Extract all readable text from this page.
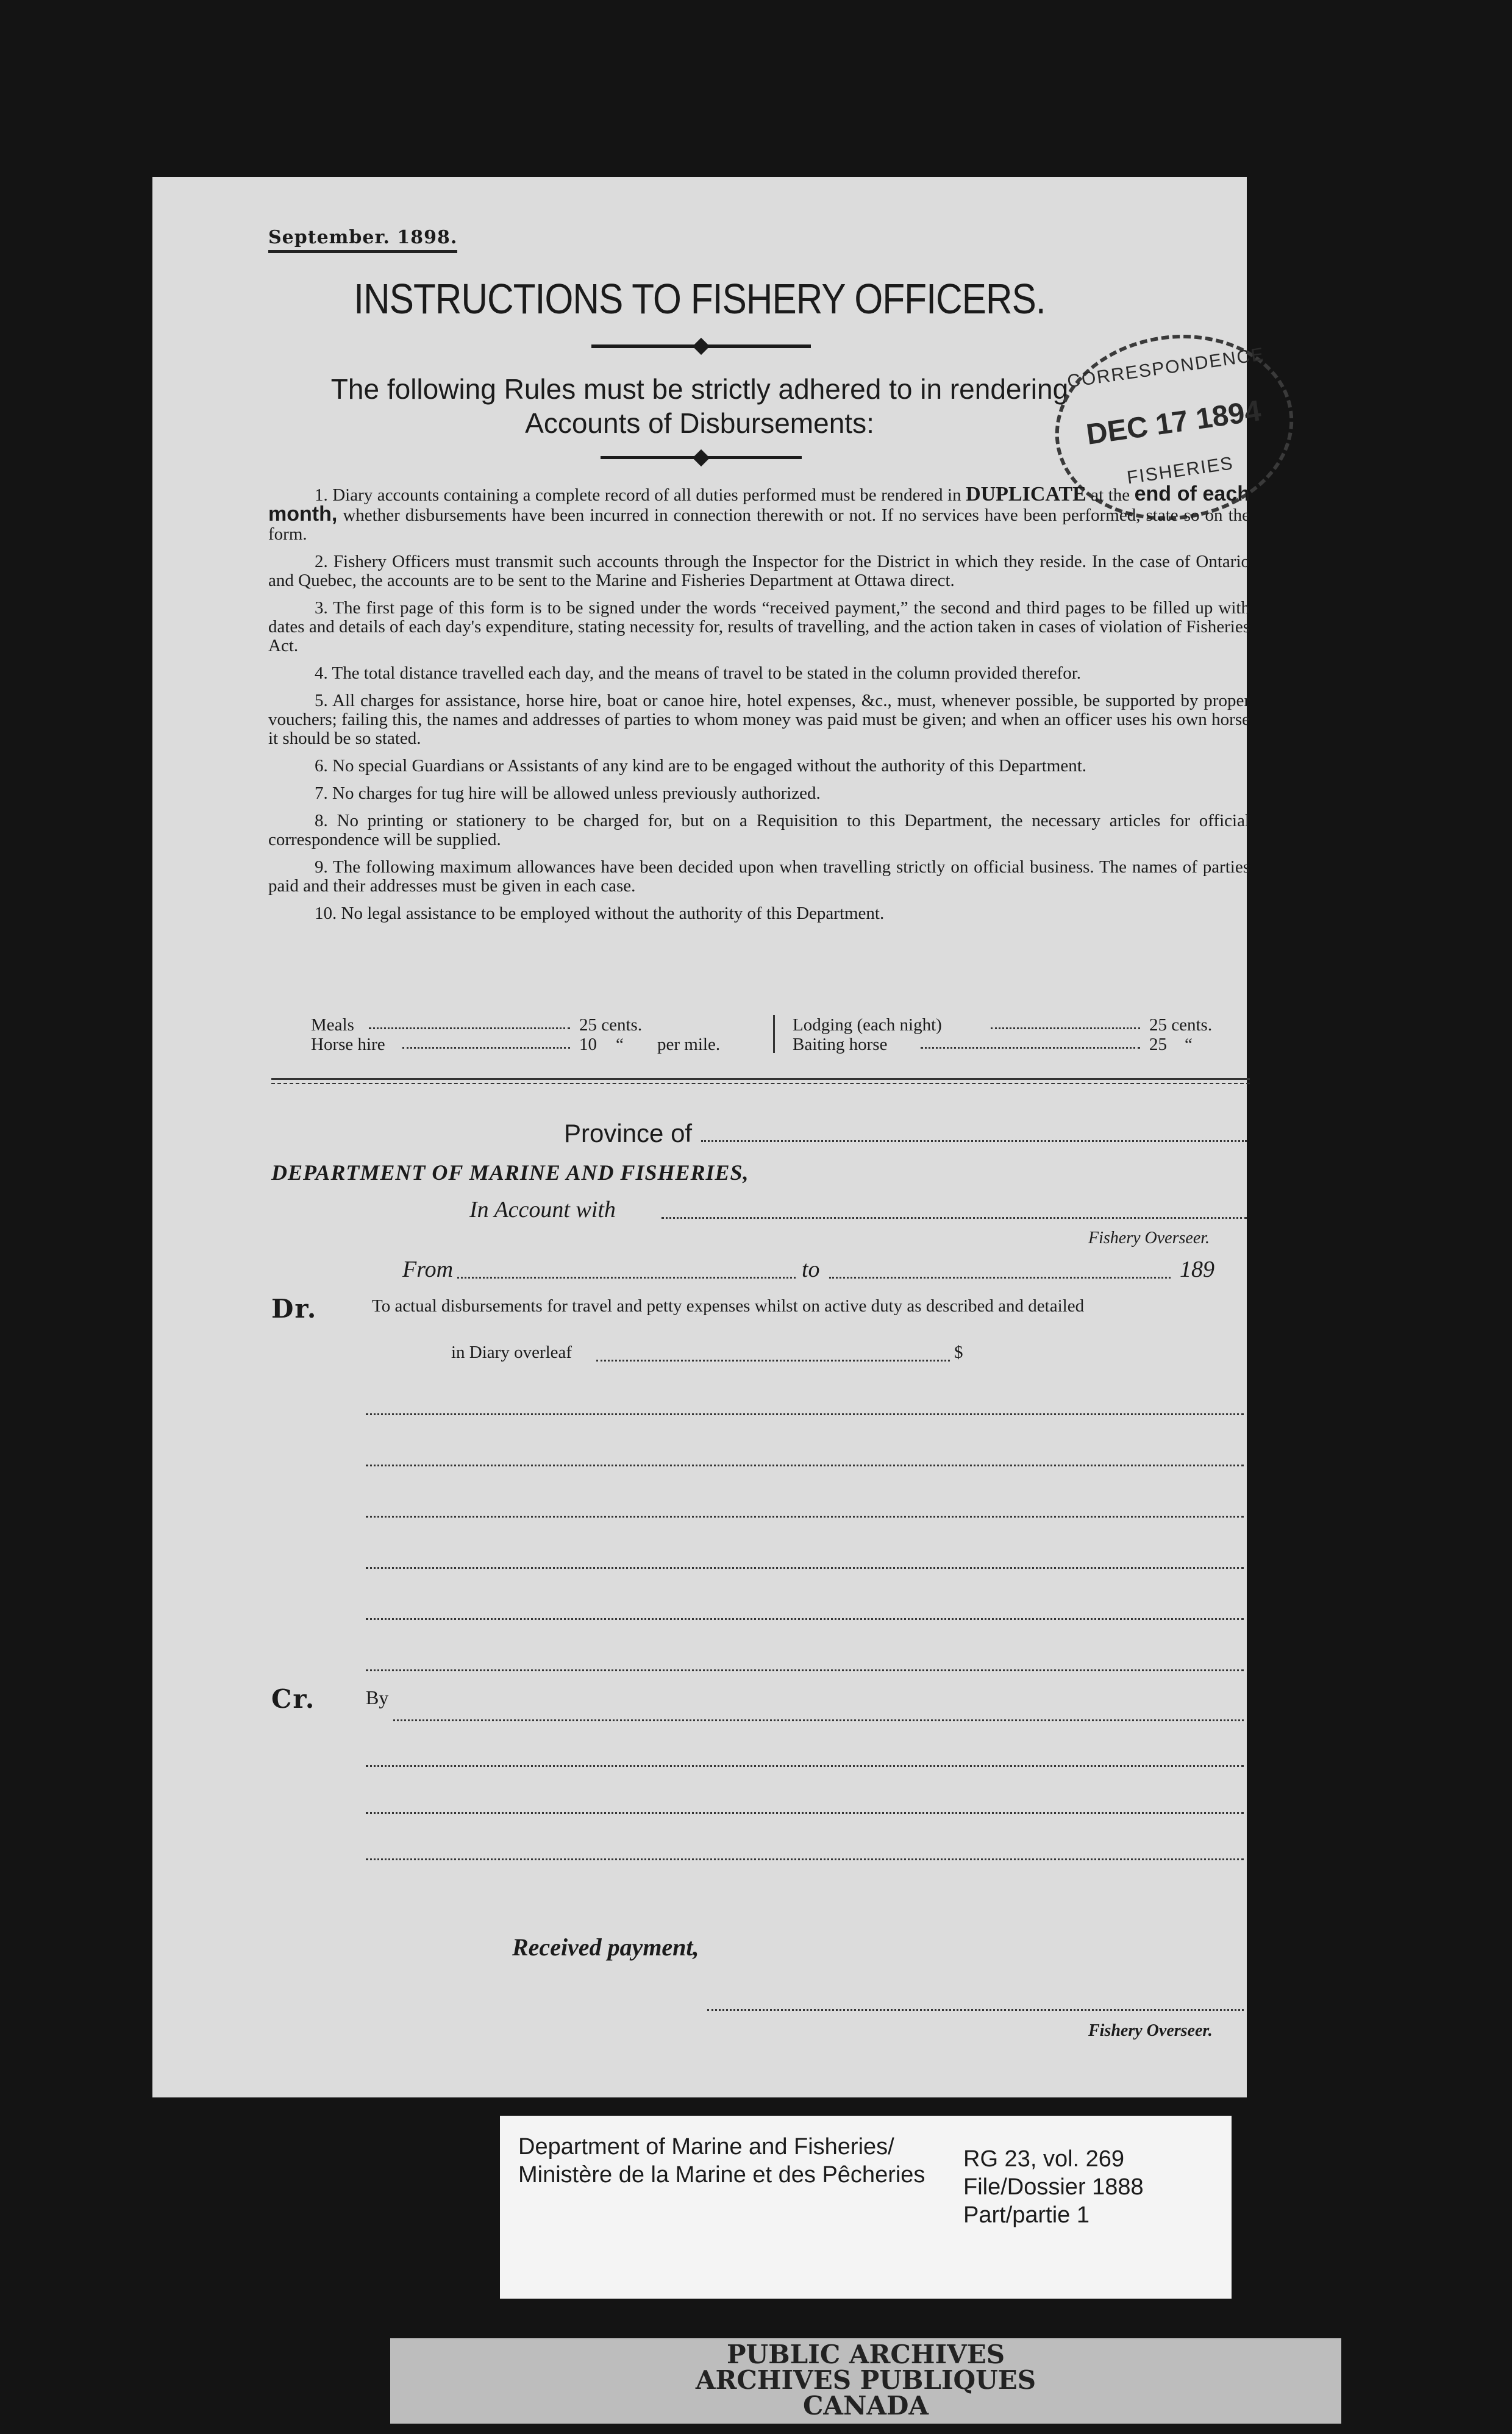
September. 1898.
INSTRUCTIONS TO FISHERY OFFICERS.
The following Rules must be strictly adhered to in rendering
Accounts of Disbursements:
CORRESPONDENCE
DEC 17 1894
FISHERIES

1. Diary accounts containing a complete record of all duties performed must be rendered in DUPLICATE at the end of each month, whether disbursements have been incurred in connection therewith or not. If no services have been performed, state so on the form.

2. Fishery Officers must transmit such accounts through the Inspector for the District in which they reside. In the case of Ontario and Quebec, the accounts are to be sent to the Marine and Fisheries Department at Ottawa direct.

3. The first page of this form is to be signed under the words “received payment,” the second and third pages to be filled up with dates and details of each day's expenditure, stating necessity for, results of travelling, and the action taken in cases of violation of Fisheries Act.

4. The total distance travelled each day, and the means of travel to be stated in the column provided therefor.

5. All charges for assistance, horse hire, boat or canoe hire, hotel expenses, &c., must, whenever possible, be supported by proper vouchers; failing this, the names and addresses of parties to whom money was paid must be given; and when an officer uses his own horse it should be so stated.

6. No special Guardians or Assistants of any kind are to be engaged without the authority of this Department.

7. No charges for tug hire will be allowed unless previously authorized.

8. No printing or stationery to be charged for, but on a Requisition to this Department, the necessary articles for official correspondence will be supplied.

9. The following maximum allowances have been decided upon when travelling strictly on official business. The names of parties paid and their addresses must be given in each case.

10. No legal assistance to be employed without the authority of this Department.

Meals	25 cents.
Horse hire	10 “ per mile.
Lodging (each night)	25 cents.
Baiting horse	25 “
Province of
DEPARTMENT OF MARINE AND FISHERIES,
In Account with
Fishery Overseer.
From	to	189
Dr.	To actual disbursements for travel and petty expenses whilst on active duty as described and detailed
in Diary overleaf	$
Cr.	By
Received payment,
Fishery Overseer.
Department of Marine and Fisheries/
Ministère de la Marine et des Pêcheries
RG 23, vol. 269
File/Dossier 1888
Part/partie 1
PUBLIC ARCHIVES
ARCHIVES PUBLIQUES
CANADA
